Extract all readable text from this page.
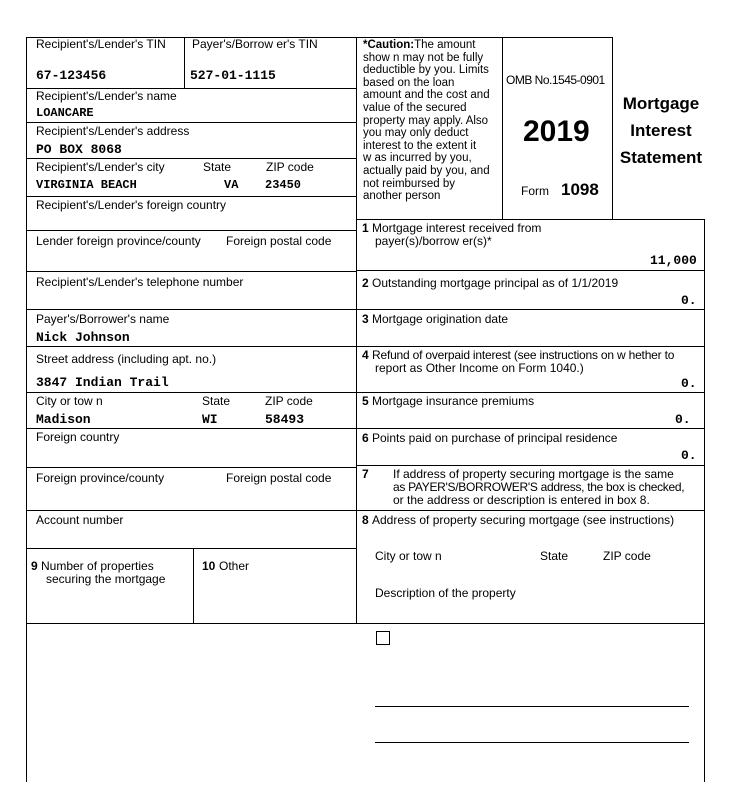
Recipient's/Lender's TIN
67-123456
Payer's/Borrow er's TIN
527-01-1115
Recipient's/Lender's name
LOANCARE
Recipient's/Lender's address
PO BOX 8068
Recipient's/Lender's city	State	ZIP code
VIRGINIA BEACH	VA 23450
Recipient's/Lender's foreign country
Lender foreign province/county Foreign postal code
Recipient's/Lender's telephone number
Payer's/Borrower's name
Nick Johnson
Street address (including apt. no.)
3847 Indian Trail
City or tow n	State	ZIP code
Madison	WI	58493
Foreign country
Foreign province/county	Foreign postal code
Account number
9 Number of properties
securing the mortgage
10 Other
*Caution:The amount
show n may not be fully
deductible by you. Limits
based on the loan
amount and the cost and
value of the secured
property may apply. Also
you may only deduct
interest to the extent it
w as incurred by you,
actually paid by you, and
not reimbursed by
another person
OMB No.1545-0901
2019
Form 1098
Mortgage
Interest
Statement
1 Mortgage interest received from
payer(s)/borrow er(s)*
11,000
2 Outstanding mortgage principal as of 1/1/2019
0.
3 Mortgage origination date
4 Refund of overpaid interest (see instructions on w hether to
report as Other Income on Form 1040.)
0.
5 Mortgage insurance premiums
0.
6 Points paid on purchase of principal residence
0.
7 If address of property securing mortgage is the same
as PAYER'S/BORROWER'S address, the box is checked,
or the address or description is entered in box 8.
8 Address of property securing mortgage (see instructions)
City or tow n	State	ZIP code
Description of the property
